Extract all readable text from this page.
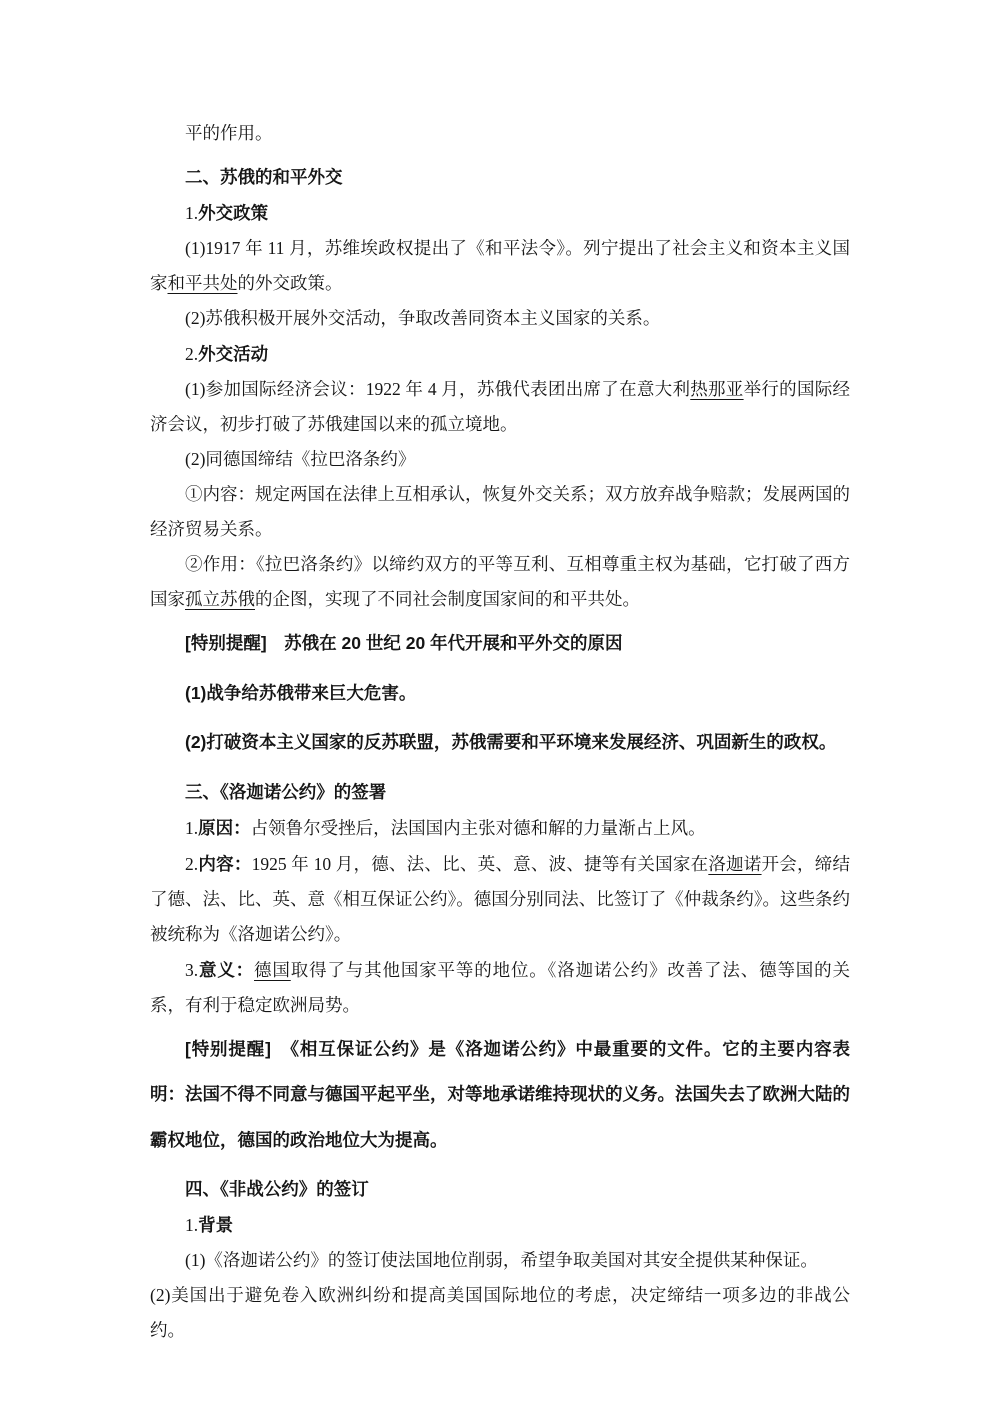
平的作用。

二、苏俄的和平外交

1.外交政策

(1)1917 年 11 月，苏维埃政权提出了《和平法令》。列宁提出了社会主义和资本主义国家和平共处的外交政策。

(2)苏俄积极开展外交活动，争取改善同资本主义国家的关系。

2.外交活动

(1)参加国际经济会议：1922 年 4 月，苏俄代表团出席了在意大利热那亚举行的国际经济会议，初步打破了苏俄建国以来的孤立境地。

(2)同德国缔结《拉巴洛条约》

①内容：规定两国在法律上互相承认，恢复外交关系；双方放弃战争赔款；发展两国的经济贸易关系。

②作用：《拉巴洛条约》以缔约双方的平等互利、互相尊重主权为基础，它打破了西方国家孤立苏俄的企图，实现了不同社会制度国家间的和平共处。

[特别提醒]　苏俄在 20 世纪 20 年代开展和平外交的原因

(1)战争给苏俄带来巨大危害。

(2)打破资本主义国家的反苏联盟，苏俄需要和平环境来发展经济、巩固新生的政权。

三、《洛迦诺公约》的签署

1.原因：占领鲁尔受挫后，法国国内主张对德和解的力量渐占上风。

2.内容：1925 年 10 月，德、法、比、英、意、波、捷等有关国家在洛迦诺开会，缔结了德、法、比、英、意《相互保证公约》。德国分别同法、比签订了《仲裁条约》。这些条约被统称为《洛迦诺公约》。

3.意义：德国取得了与其他国家平等的地位。《洛迦诺公约》改善了法、德等国的关系，有利于稳定欧洲局势。

[特别提醒]　《相互保证公约》是《洛迦诺公约》中最重要的文件。它的主要内容表明：法国不得不同意与德国平起平坐，对等地承诺维持现状的义务。法国失去了欧洲大陆的霸权地位，德国的政治地位大为提高。

四、《非战公约》的签订

1.背景

(1)《洛迦诺公约》的签订使法国地位削弱，希望争取美国对其安全提供某种保证。

(2)美国出于避免卷入欧洲纠纷和提高美国国际地位的考虑，决定缔结一项多边的非战公约。
